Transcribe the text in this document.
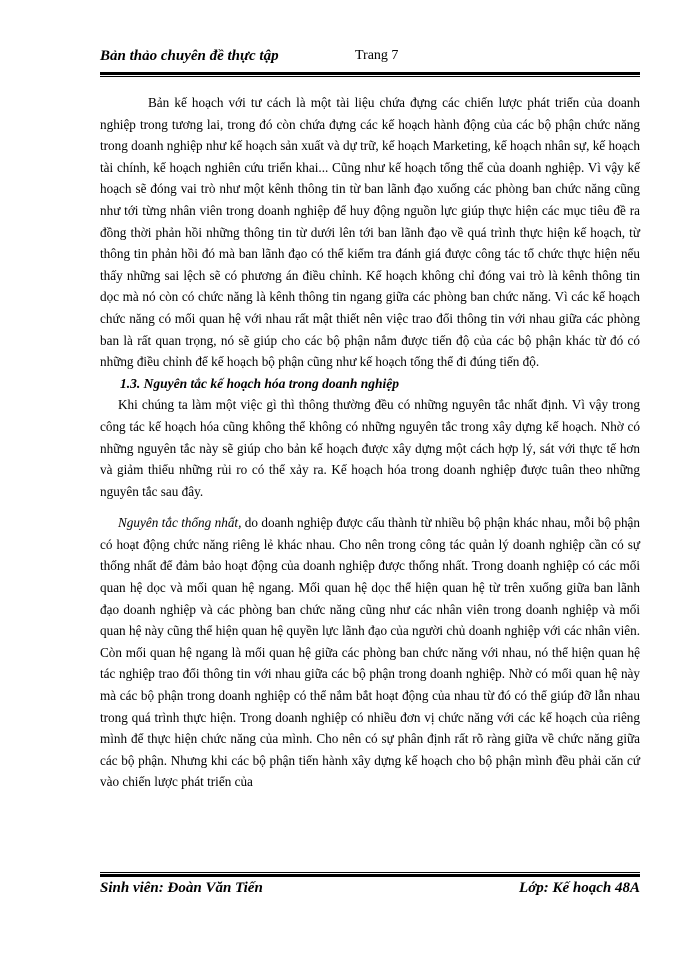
Bản thảo chuyên đề thực tập	Trang 7

Bản kế hoạch với tư cách là một tài liệu chứa đựng các chiến lược phát triển của doanh nghiệp trong tương lai, trong đó còn chứa đựng các kế hoạch hành động của các bộ phận chức năng trong doanh nghiệp như kế hoạch sản xuất và dự trữ, kế hoạch Marketing, kế hoạch nhân sự, kế hoạch tài chính, kế hoạch nghiên cứu triển khai... Cũng như kế hoạch tổng thể của doanh nghiệp. Vì vậy kế hoạch sẽ đóng vai trò như một kênh thông tin từ ban lãnh đạo xuống các phòng ban chức năng cũng như tới từng nhân viên trong doanh nghiệp để huy động nguồn lực giúp thực hiện các mục tiêu đề ra đồng thời phản hồi những thông tin từ dưới lên tới ban lãnh đạo về quá trình thực hiện kế hoạch, từ thông tin phản hồi đó mà ban lãnh đạo có thể kiểm tra đánh giá được công tác tổ chức thực hiện nếu thấy những sai lệch sẽ có phương án điều chỉnh. Kế hoạch không chỉ đóng vai trò là kênh thông tin dọc mà nó còn có chức năng là kênh thông tin ngang giữa các phòng ban chức năng. Vì các kế hoạch chức năng có mối quan hệ với nhau rất mật thiết nên việc trao đổi thông tin với nhau giữa các phòng ban là rất quan trọng, nó sẽ giúp cho các bộ phận nắm được tiến độ của các bộ phận khác từ đó có những điều chỉnh để kế hoạch bộ phận cũng như kế hoạch tổng thể đi đúng tiến độ.

1.3. Nguyên tắc kế hoạch hóa trong doanh nghiệp

Khi chúng ta làm một việc gì thì thông thường đều có những nguyên tắc nhất định. Vì vậy trong công tác kế hoạch hóa cũng không thể không có những nguyên tắc trong xây dựng kế hoạch. Nhờ có những nguyên tắc này sẽ giúp cho bản kế hoạch được xây dựng một cách hợp lý, sát với thực tế hơn và giảm thiểu những rủi ro có thể xảy ra. Kế hoạch hóa trong doanh nghiệp được tuân theo những nguyên tắc sau đây.

Nguyên tắc thống nhất, do doanh nghiệp được cấu thành từ nhiều bộ phận khác nhau, mỗi bộ phận có hoạt động chức năng riêng lẻ khác nhau. Cho nên trong công tác quản lý doanh nghiệp cần có sự thống nhất để đảm bảo hoạt động của doanh nghiệp được thống nhất. Trong doanh nghiệp có các mối quan hệ dọc và mối quan hệ ngang. Mối quan hệ dọc thể hiện quan hệ từ trên xuống giữa ban lãnh đạo doanh nghiệp và các phòng ban chức năng cũng như các nhân viên trong doanh nghiệp và mối quan hệ này cũng thể hiện quan hệ quyền lực lãnh đạo của người chủ doanh nghiệp với các nhân viên. Còn mối quan hệ ngang là mối quan hệ giữa các phòng ban chức năng với nhau, nó thể hiện quan hệ tác nghiệp trao đổi thông tin với nhau giữa các bộ phận trong doanh nghiệp. Nhờ có mối quan hệ này mà các bộ phận trong doanh nghiệp có thể nắm bắt hoạt động của nhau từ đó có thể giúp đỡ lẫn nhau trong quá trình thực hiện. Trong doanh nghiệp có nhiều đơn vị chức năng với các kế hoạch của riêng mình để thực hiện chức năng của mình. Cho nên có sự phân định rất rõ ràng giữa về chức năng giữa các bộ phận. Nhưng khi các bộ phận tiến hành xây dựng kế hoạch cho bộ phận mình đều phải căn cứ vào chiến lược phát triển của

Sinh viên: Đoàn Văn Tiến	Lớp: Kế hoạch 48A
